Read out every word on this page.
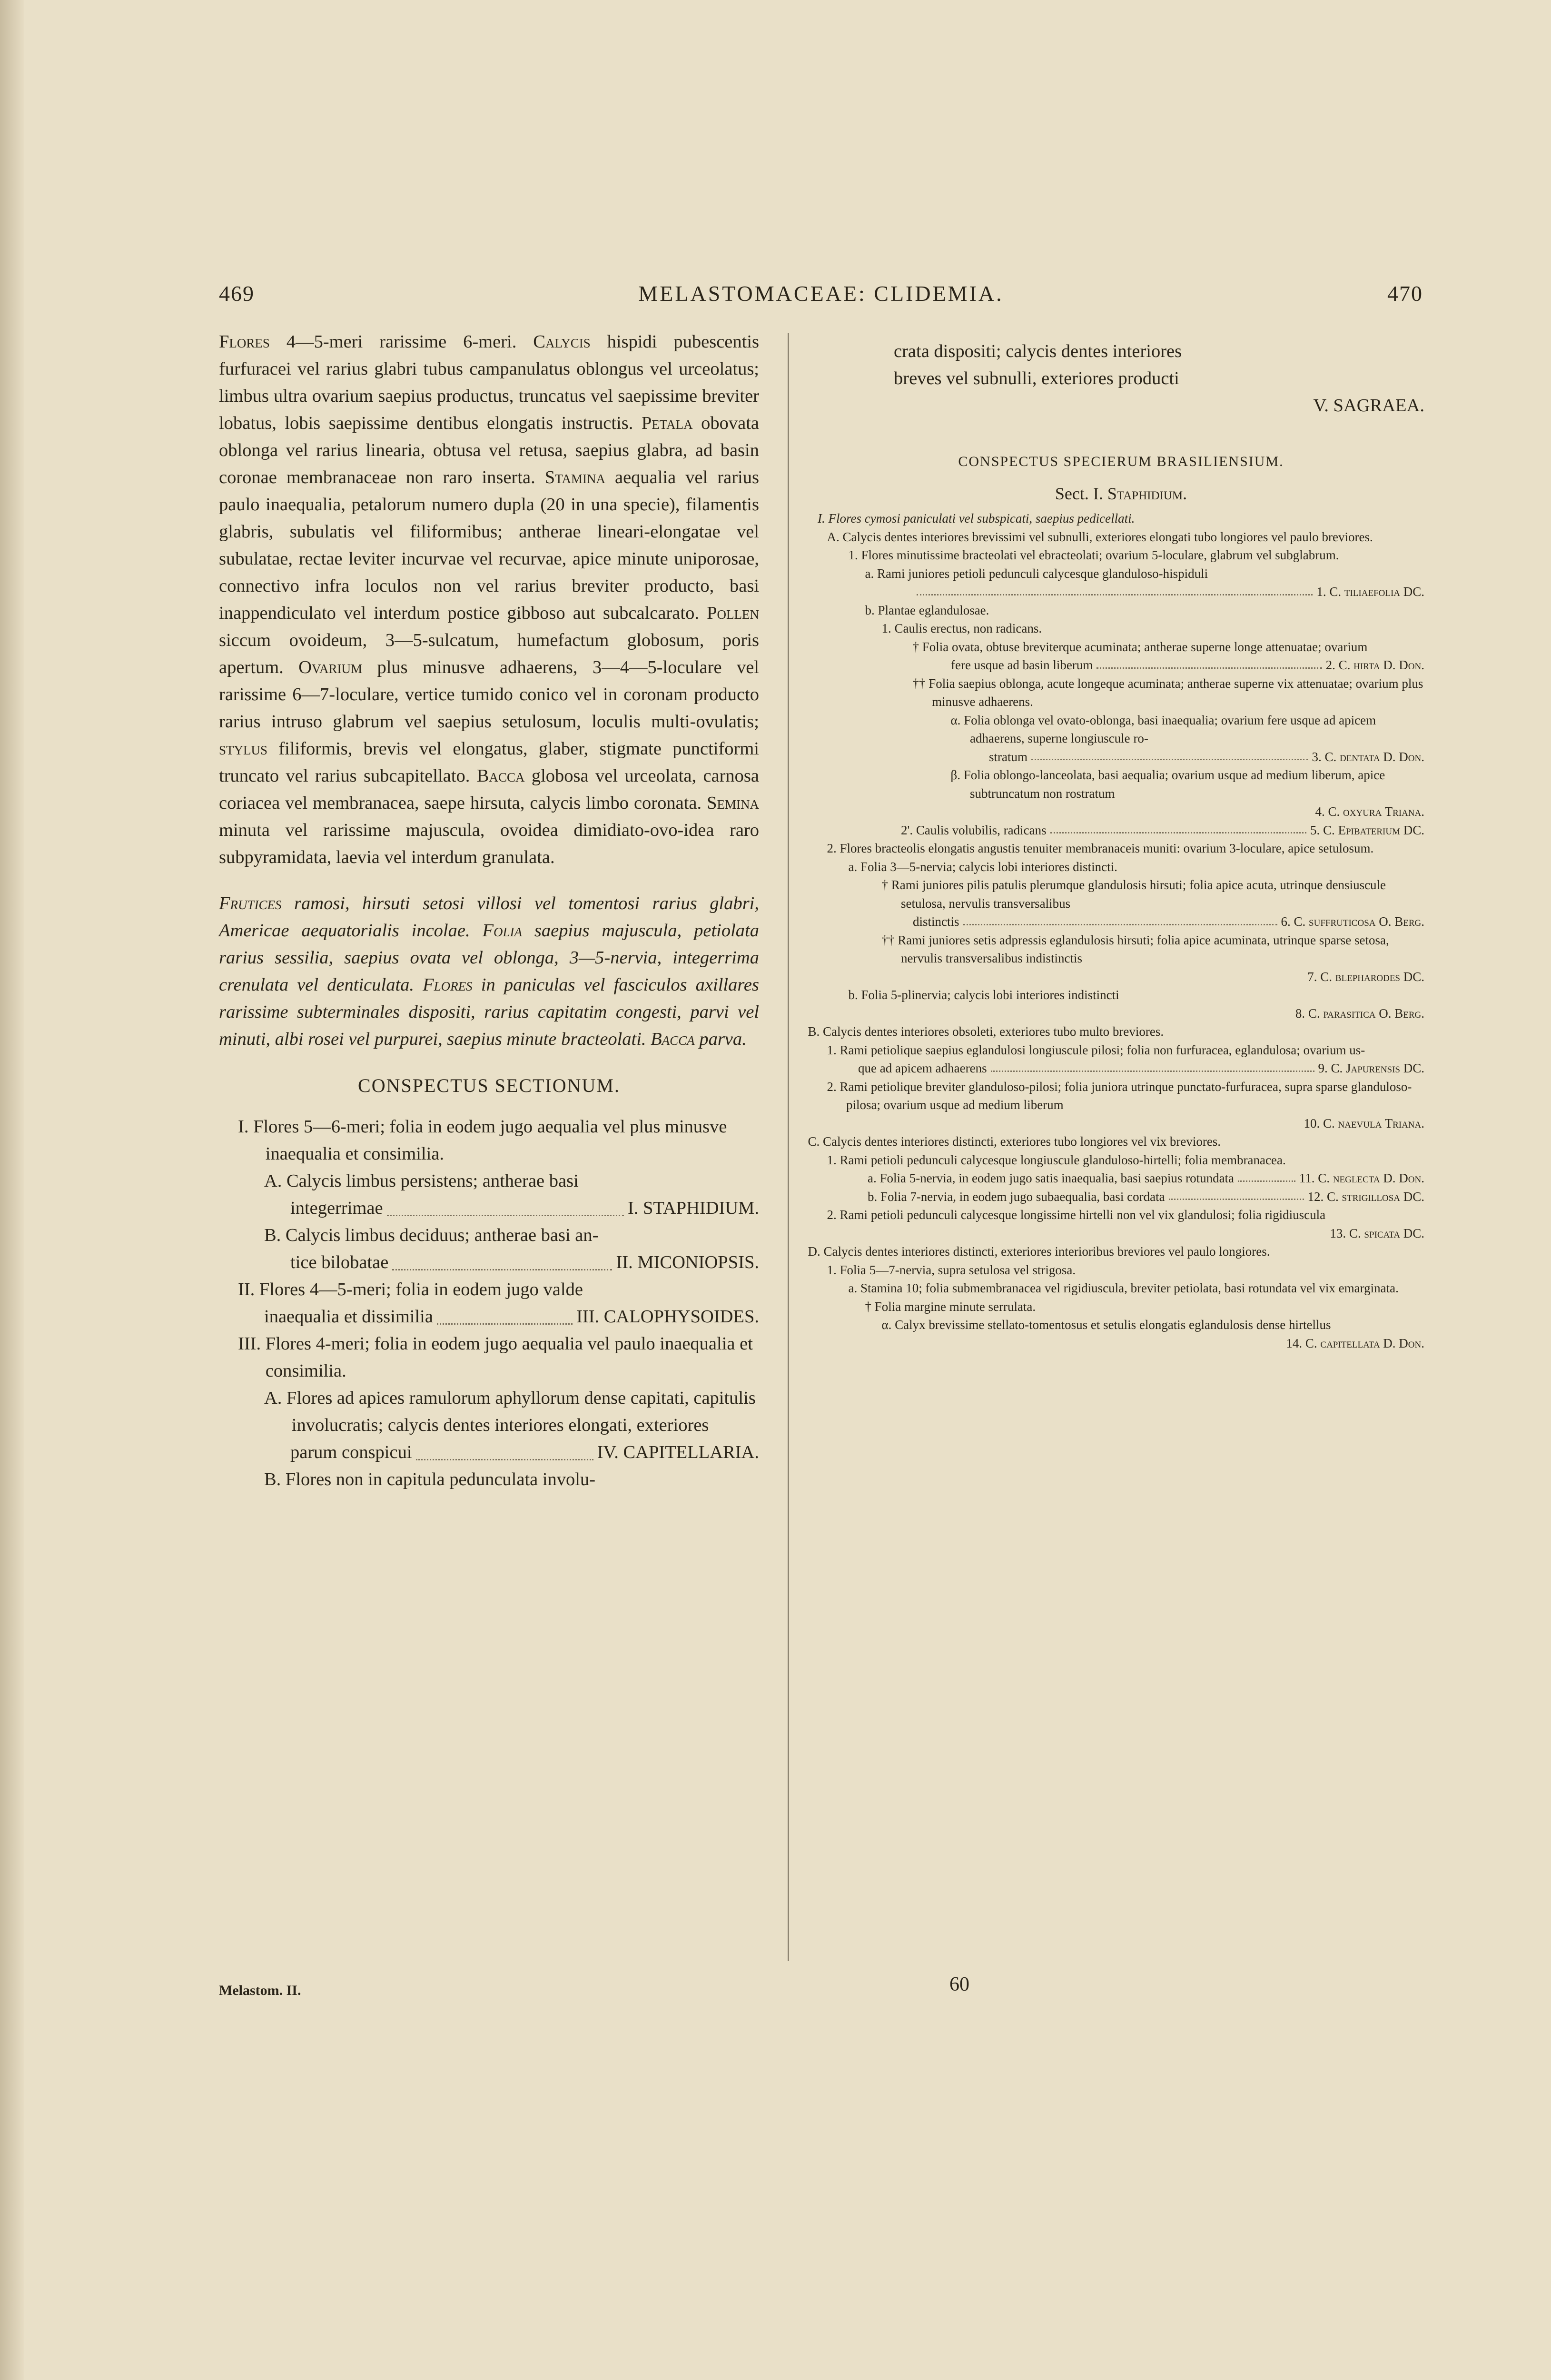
469	MELASTOMACEAE: CLIDEMIA.	470

Flores 4—5-meri rarissime 6-meri. Calycis hispidi pubescentis furfuracei vel rarius glabri tubus campanulatus oblongus vel urceolatus; limbus ultra ovarium saepius productus, truncatus vel saepissime breviter lobatus, lobis saepissime dentibus elongatis instructis. Petala obovata oblonga vel rarius linearia, obtusa vel retusa, saepius glabra, ad basin coronae membranaceae non raro inserta. Stamina aequalia vel rarius paulo inaequalia, petalorum numero dupla (20 in una specie), filamentis glabris, subulatis vel filiformibus; antherae lineari-elongatae vel subulatae, rectae leviter incurvae vel recurvae, apice minute uniporosae, connectivo infra loculos non vel rarius breviter producto, basi inappendiculato vel interdum postice gibboso aut subcalcarato. Pollen siccum ovoideum, 3—5-sulcatum, humefactum globosum, poris apertum. Ovarium plus minusve adhaerens, 3—4—5-loculare vel rarissime 6—7-loculare, vertice tumido conico vel in coronam producto rarius intruso glabrum vel saepius setulosum, loculis multi-ovulatis; stylus filiformis, brevis vel elongatus, glaber, stigmate punctiformi truncato vel rarius subcapitellato. Bacca globosa vel urceolata, carnosa coriacea vel membranacea, saepe hirsuta, calycis limbo coronata. Semina minuta vel rarissime majuscula, ovoidea dimidiato-ovo-idea raro subpyramidata, laevia vel interdum granulata.

Frutices ramosi, hirsuti setosi villosi vel tomentosi rarius glabri, Americae aequatorialis incolae. Folia saepius majuscula, petiolata rarius sessilia, saepius ovata vel oblonga, 3—5-nervia, integerrima crenulata vel denticulata. Flores in paniculas vel fasciculos axillares rarissime subterminales dispositi, rarius capitatim congesti, parvi vel minuti, albi rosei vel purpurei, saepius minute bracteolati. Bacca parva.

CONSPECTUS SECTIONUM.

I. Flores 5—6-meri; folia in eodem jugo aequalia vel plus minusve inaequalia et consimilia.

A. Calycis limbus persistens; antherae basi

integerrimae	I. STAPHIDIUM.

B. Calycis limbus deciduus; antherae basi an-

tice bilobatae	II. MICONIOPSIS.

II. Flores 4—5-meri; folia in eodem jugo valde

inaequalia et dissimilia	III. CALOPHYSOIDES.

III. Flores 4-meri; folia in eodem jugo aequalia vel paulo inaequalia et consimilia.

A. Flores ad apices ramulorum aphyllorum dense capitati, capitulis involucratis; calycis dentes interiores elongati, exteriores

parum conspicui	IV. CAPITELLARIA.

B. Flores non in capitula pedunculata involu-

Melastom. II.	60

crata dispositi; calycis dentes interiores

breves vel subnulli, exteriores producti

V. SAGRAEA.

CONSPECTUS SPECIERUM BRASILIENSIUM.
Sect. I. Staphidium.

I. Flores cymosi paniculati vel subspicati, saepius pedicellati.

A. Calycis dentes interiores brevissimi vel subnulli, exteriores elongati tubo longiores vel paulo breviores.

1. Flores minutissime bracteolati vel ebracteolati; ovarium 5-loculare, glabrum vel subglabrum.

a. Rami juniores petioli pedunculi calycesque glanduloso-hispiduli

1. C. tiliaefolia DC.

b. Plantae eglandulosae.

1. Caulis erectus, non radicans.

† Folia ovata, obtuse breviterque acuminata; antherae superne longe attenuatae; ovarium

fere usque ad basin liberum	2. C. hirta D. Don.

†† Folia saepius oblonga, acute longeque acuminata; antherae superne vix attenuatae; ovarium plus minusve adhaerens.

α. Folia oblonga vel ovato-oblonga, basi inaequalia; ovarium fere usque ad apicem adhaerens, superne longiuscule ro-

stratum	3. C. dentata D. Don.

β. Folia oblongo-lanceolata, basi aequalia; ovarium usque ad medium liberum, apice subtruncatum non rostratum

4. C. oxyura Triana.

2'. Caulis volubilis, radicans	5. C. Epibaterium DC.

2. Flores bracteolis elongatis angustis tenuiter membranaceis muniti: ovarium 3-loculare, apice setulosum.

a. Folia 3—5-nervia; calycis lobi interiores distincti.

† Rami juniores pilis patulis plerumque glandulosis hirsuti; folia apice acuta, utrinque densiuscule setulosa, nervulis transversalibus

distinctis	6. C. suffruticosa O. Berg.

†† Rami juniores setis adpressis eglandulosis hirsuti; folia apice acuminata, utrinque sparse setosa, nervulis transversalibus indistinctis

7. C. blepharodes DC.

b. Folia 5-plinervia; calycis lobi interiores indistincti

8. C. parasitica O. Berg.

B. Calycis dentes interiores obsoleti, exteriores tubo multo breviores.

1. Rami petiolique saepius eglandulosi longiuscule pilosi; folia non furfuracea, eglandulosa; ovarium us-

que ad apicem adhaerens	9. C. Japurensis DC.

2. Rami petiolique breviter glanduloso-pilosi; folia juniora utrinque punctato-furfuracea, supra sparse glanduloso-pilosa; ovarium usque ad medium liberum

10. C. naevula Triana.

C. Calycis dentes interiores distincti, exteriores tubo longiores vel vix breviores.

1. Rami petioli pedunculi calycesque longiuscule glanduloso-hirtelli; folia membranacea.

a. Folia 5-nervia, in eodem jugo satis inaequalia, basi saepius rotundata	11. C. neglecta D. Don.
b. Folia 7-nervia, in eodem jugo subaequalia, basi cordata	12. C. strigillosa DC.

2. Rami petioli pedunculi calycesque longissime hirtelli non vel vix glandulosi; folia rigidiuscula

13. C. spicata DC.

D. Calycis dentes interiores distincti, exteriores interioribus breviores vel paulo longiores.

1. Folia 5—7-nervia, supra setulosa vel strigosa.

a. Stamina 10; folia submembranacea vel rigidiuscula, breviter petiolata, basi rotundata vel vix emarginata.

† Folia margine minute serrulata.

α. Calyx brevissime stellato-tomentosus et setulis elongatis eglandulosis dense hirtellus

14. C. capitellata D. Don.
